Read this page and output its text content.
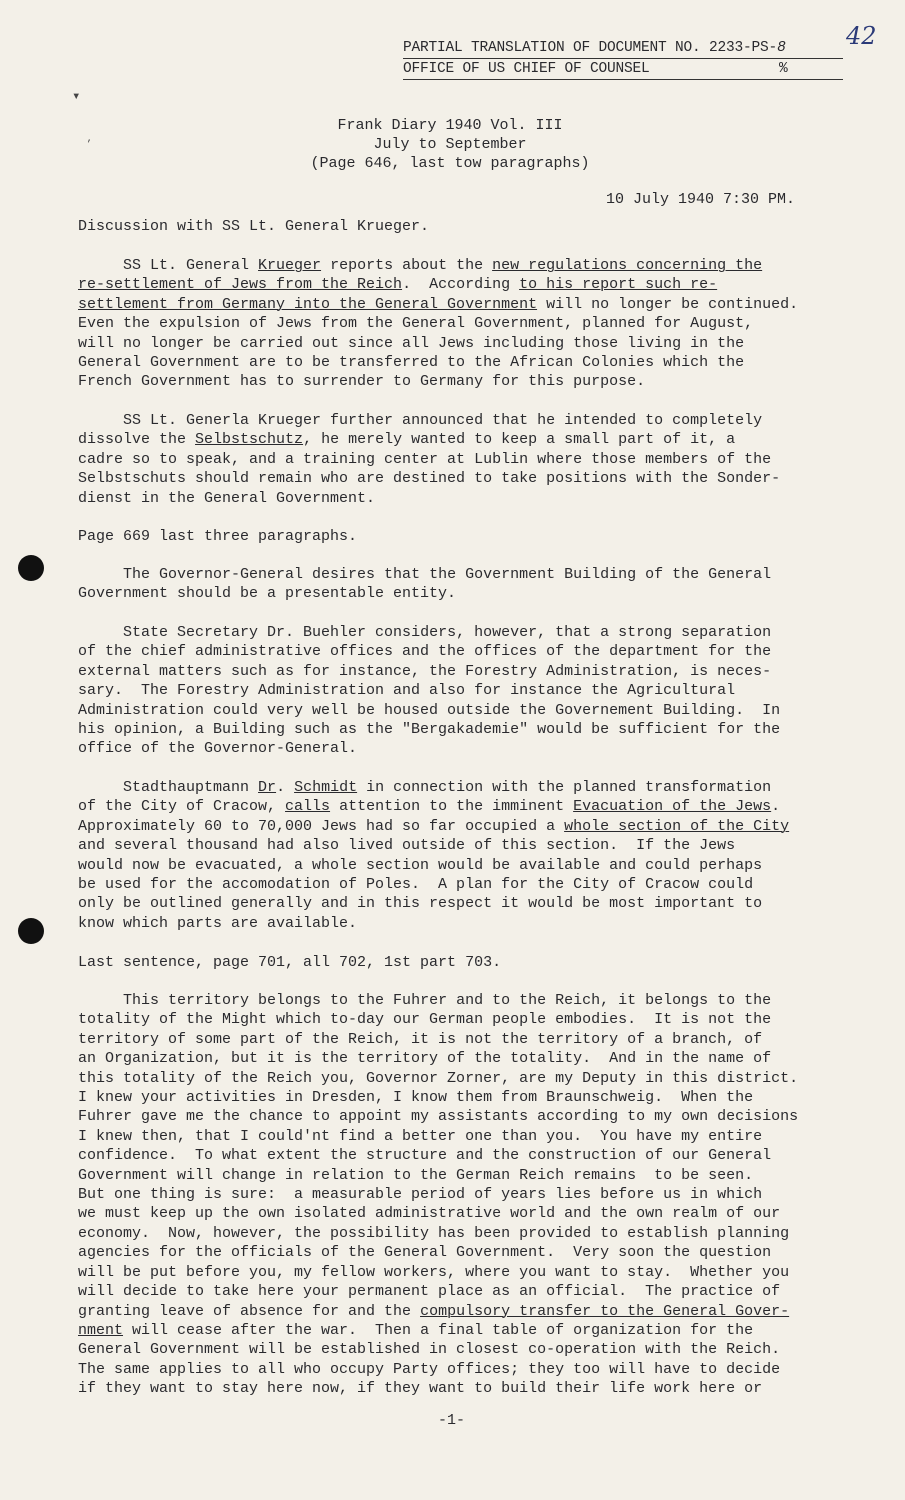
▾
’
42
PARTIAL TRANSLATION OF DOCUMENT NO. 2233-PS-8
OFFICE OF US CHIEF OF COUNSEL	%
Frank Diary 1940 Vol. III
July to September
(Page 646, last tow paragraphs)
10 July 1940 7:30 PM.
Discussion with SS Lt. General Krueger.
SS Lt. General Krueger reports about the new regulations concerning the
re-settlement of Jews from the Reich.  According to his report such re-
settlement from Germany into the General Government will no longer be continued.
Even the expulsion of Jews from the General Government, planned for August,
will no longer be carried out since all Jews including those living in the
General Government are to be transferred to the African Colonies which the
French Government has to surrender to Germany for this purpose.
SS Lt. Generla Krueger further announced that he intended to completely
dissolve the Selbstschutz, he merely wanted to keep a small part of it, a
cadre so to speak, and a training center at Lublin where those members of the
Selbstschuts should remain who are destined to take positions with the Sonder-
dienst in the General Government.
Page 669 last three paragraphs.
The Governor-General desires that the Government Building of the General
Government should be a presentable entity.
State Secretary Dr. Buehler considers, however, that a strong separation
of the chief administrative offices and the offices of the department for the
external matters such as for instance, the Forestry Administration, is neces-
sary.  The Forestry Administration and also for instance the Agricultural
Administration could very well be housed outside the Governement Building.  In
his opinion, a Building such as the "Bergakademie" would be sufficient for the
office of the Governor-General.
Stadthauptmann Dr. Schmidt in connection with the planned transformation
of the City of Cracow, calls attention to the imminent Evacuation of the Jews.
Approximately 60 to 70,000 Jews had so far occupied a whole section of the City
and several thousand had also lived outside of this section.  If the Jews
would now be evacuated, a whole section would be available and could perhaps
be used for the accomodation of Poles.  A plan for the City of Cracow could
only be outlined generally and in this respect it would be most important to
know which parts are available.
Last sentence, page 701, all 702, 1st part 703.
This territory belongs to the Fuhrer and to the Reich, it belongs to the
totality of the Might which to-day our German people embodies.  It is not the
territory of some part of the Reich, it is not the territory of a branch, of
an Organization, but it is the territory of the totality.  And in the name of
this totality of the Reich you, Governor Zorner, are my Deputy in this district.
I knew your activities in Dresden, I know them from Braunschweig.  When the
Fuhrer gave me the chance to appoint my assistants according to my own decisions
I knew then, that I could'nt find a better one than you.  You have my entire
confidence.  To what extent the structure and the construction of our General
Government will change in relation to the German Reich remains  to be seen.
But one thing is sure:  a measurable period of years lies before us in which
we must keep up the own isolated administrative world and the own realm of our
economy.  Now, however, the possibility has been provided to establish planning
agencies for the officials of the General Government.  Very soon the question
will be put before you, my fellow workers, where you want to stay.  Whether you
will decide to take here your permanent place as an official.  The practice of
granting leave of absence for and the compulsory transfer to the General Gover-
nment will cease after the war.  Then a final table of organization for the
General Government will be established in closest co-operation with the Reich.
The same applies to all who occupy Party offices; they too will have to decide
if they want to stay here now, if they want to build their life work here or
-1-
